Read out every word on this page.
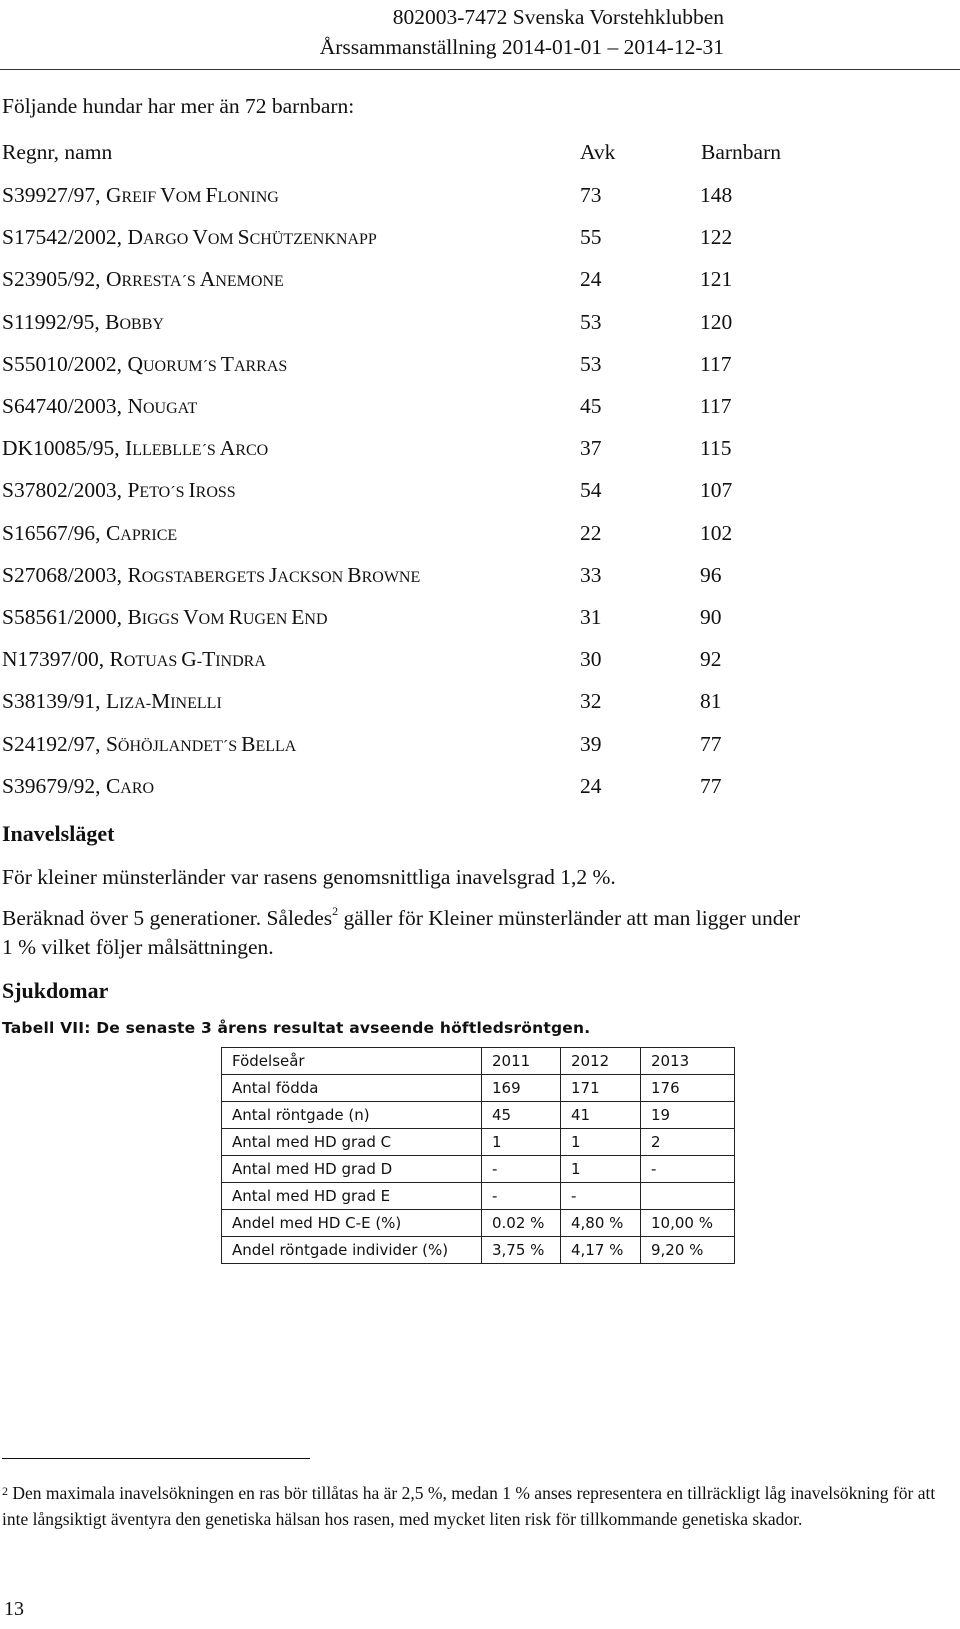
802003-7472 Svenska Vorstehklubben
Årssammanställning 2014-01-01 – 2014-12-31
Följande hundar har mer än 72 barnbarn:
Regnr, namn	Avk	Barnbarn
S39927/97, GREIF VOM FLONING	73	148
S17542/2002, DARGO VOM SCHÜTZENKNAPP	55	122
S23905/92, ORRESTA´S ANEMONE	24	121
S11992/95, BOBBY	53	120
S55010/2002, QUORUM´S TARRAS	53	117
S64740/2003, NOUGAT	45	117
DK10085/95, ILLEBLLE´S ARCO	37	115
S37802/2003, PETO´S IROSS	54	107
S16567/96, CAPRICE	22	102
S27068/2003, ROGSTABERGETS JACKSON BROWNE	33	96
S58561/2000, BIGGS VOM RUGEN END	31	90
N17397/00, ROTUAS G-TINDRA	30	92
S38139/91, LIZA-MINELLI	32	81
S24192/97, SÖHÖJLANDET´S BELLA	39	77
S39679/92, CARO	24	77
Inavelsläget
För kleiner münsterländer var rasens genomsnittliga inavelsgrad 1,2 %.
Beräknad över 5 generationer. Således$^2$ gäller för Kleiner münsterländer att man ligger under
1 % vilket följer målsättningen.
Sjukdomar
Tabell VII: De senaste 3 årens resultat avseende höftledsröntgen.
Födelseår	2011	2012	2013
Antal födda	169	171	176
Antal röntgade (n)	45	41	19
Antal med HD grad C	1	1	2
Antal med HD grad D	-	1	-
Antal med HD grad E	-	-	
Andel med HD C-E (%)	0.02 %	4,80 %	10,00 %
Andel röntgade individer (%)	3,75 %	4,17 %	9,20 %
$^2$ Den maximala inavelsökningen en ras bör tillåtas ha är 2,5 %, medan 1 % anses representera en tillräckligt låg inavelsökning för att inte långsiktigt äventyra den genetiska hälsan hos rasen, med mycket liten risk för tillkommande genetiska skador.
13
